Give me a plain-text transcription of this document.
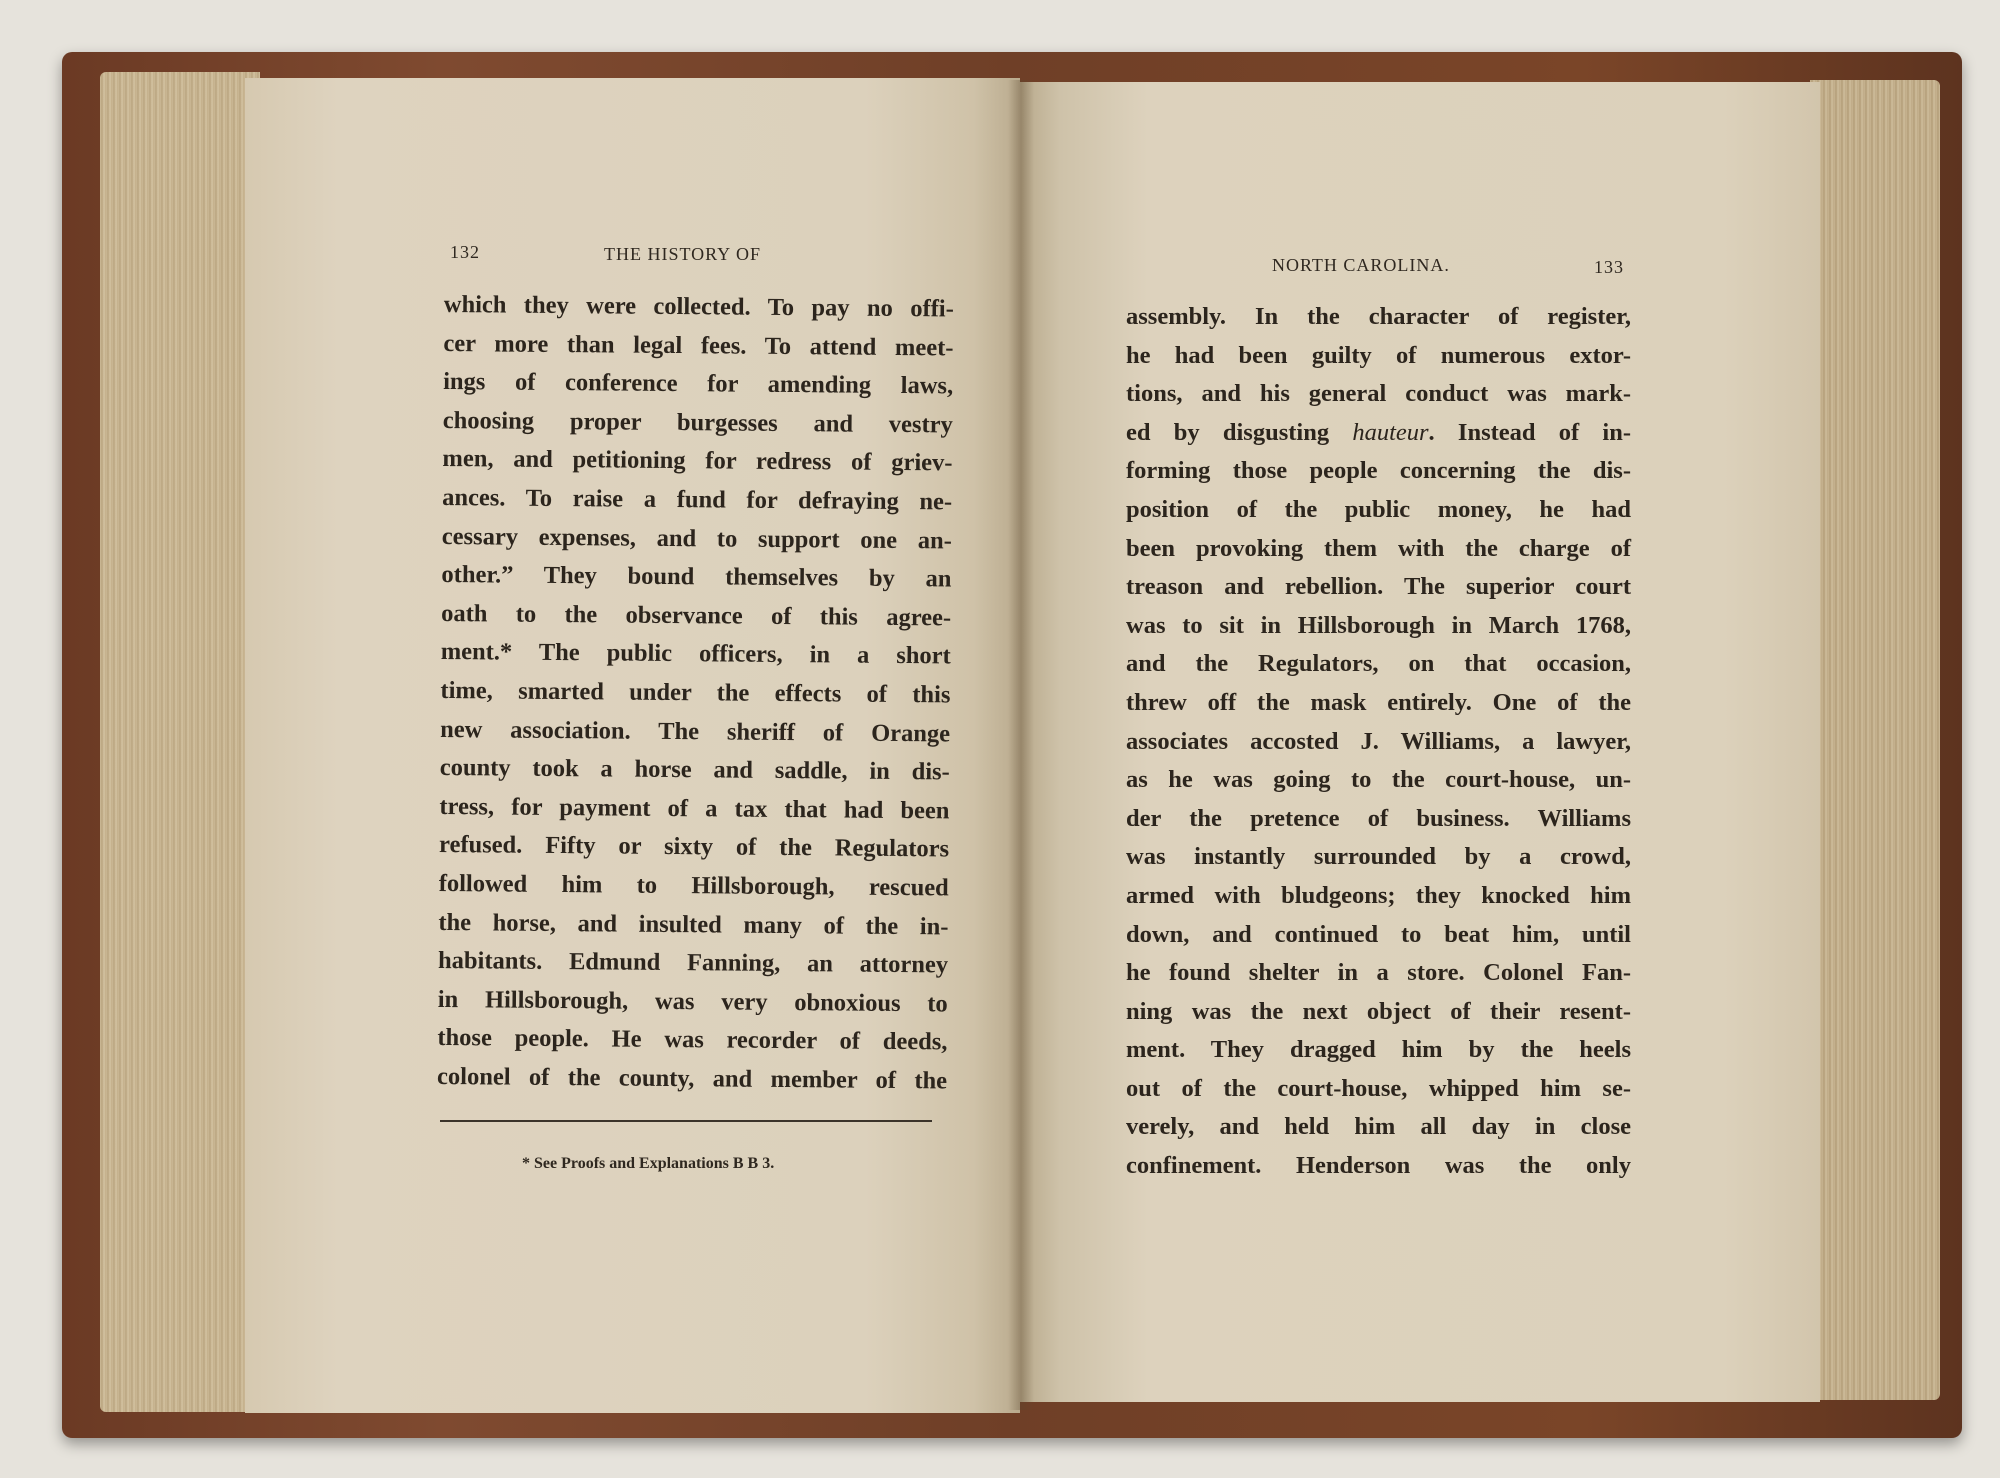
132	THE HISTORY OF
which they were collected. To pay no offi-
cer more than legal fees. To attend meet-
ings of conference for amending laws,
choosing proper burgesses and vestry
men, and petitioning for redress of griev-
ances. To raise a fund for defraying ne-
cessary expenses, and to support one an-
other.” They bound themselves by an
oath to the observance of this agree-
ment.* The public officers, in a short
time, smarted under the effects of this
new association. The sheriff of Orange
county took a horse and saddle, in dis-
tress, for payment of a tax that had been
refused. Fifty or sixty of the Regulators
followed him to Hillsborough, rescued
the horse, and insulted many of the in-
habitants. Edmund Fanning, an attorney
in Hillsborough, was very obnoxious to
those people. He was recorder of deeds,
colonel of the county, and member of the
* See Proofs and Explanations B B 3.
NORTH CAROLINA.	133
assembly. In the character of register,
he had been guilty of numerous extor-
tions, and his general conduct was mark-
ed by disgusting hauteur. Instead of in-
forming those people concerning the dis-
position of the public money, he had
been provoking them with the charge of
treason and rebellion. The superior court
was to sit in Hillsborough in March 1768,
and the Regulators, on that occasion,
threw off the mask entirely. One of the
associates accosted J. Williams, a lawyer,
as he was going to the court-house, un-
der the pretence of business. Williams
was instantly surrounded by a crowd,
armed with bludgeons; they knocked him
down, and continued to beat him, until
he found shelter in a store. Colonel Fan-
ning was the next object of their resent-
ment. They dragged him by the heels
out of the court-house, whipped him se-
verely, and held him all day in close
confinement. Henderson was the only
